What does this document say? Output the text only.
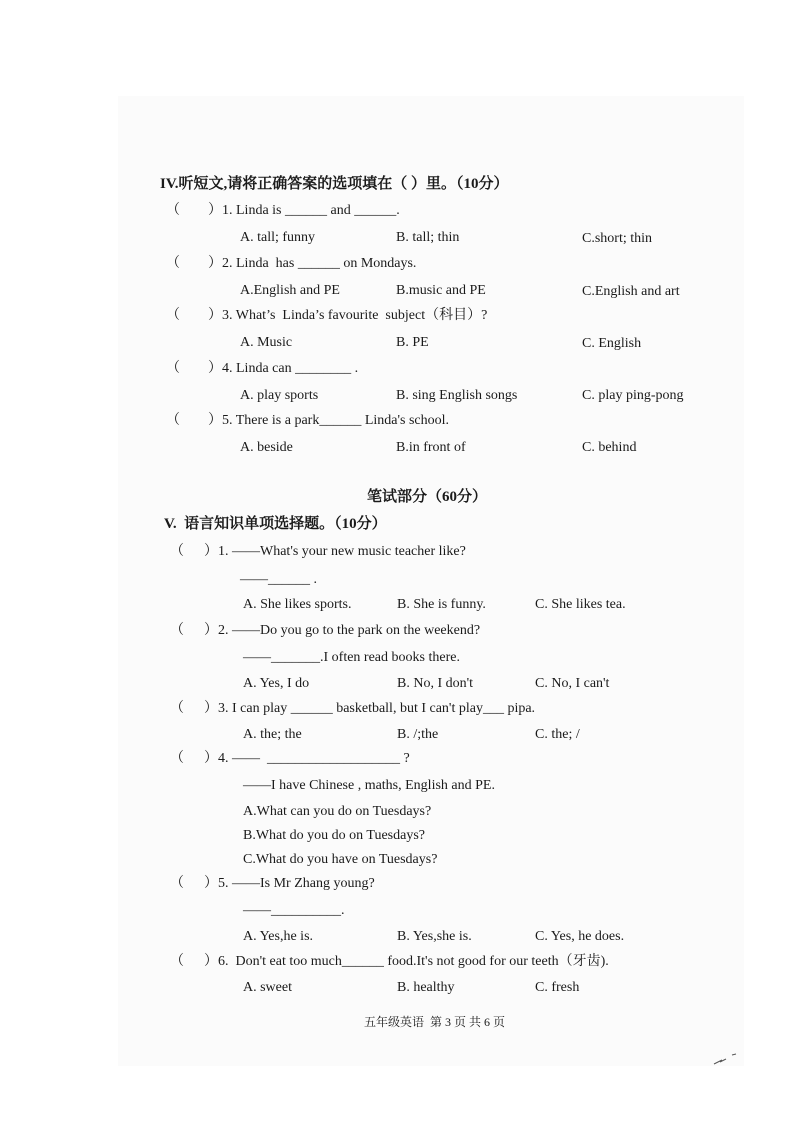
IV.听短文,请将正确答案的选项填在（ ）里。（10分）
（ ）1. Linda is ______ and ______.
A. tall; funny	B. tall; thin	C.short; thin
（ ）2. Linda  has ______ on Mondays.
A.English and PE	B.music and PE	C.English and art
（ ）3. What’s  Linda’s favourite  subject（科目）?
A. Music	B. PE	C. English
（ ）4. Linda can ________ .
A. play sports	B. sing English songs	C. play ping-pong
（ ）5. There is a park______ Linda's school.
A. beside	B.in front of	C. behind
笔试部分（60分）
V.  语言知识单项选择题。（10分）
（ ）1. ——What's your new music teacher like?
——______ .
A. She likes sports.	B. She is funny.	C. She likes tea.
（ ）2. ——Do you go to the park on the weekend?
——_______.I often read books there.
A. Yes, I do	B. No, I don't	C. No, I can't
（ ）3. I can play ______ basketball, but I can't play___ pipa.
A. the; the	B. /;the	C. the; /
（ ）4. ——  ___________________ ?
——I have Chinese , maths, English and PE.
A.What can you do on Tuesdays?
B.What do you do on Tuesdays?
C.What do you have on Tuesdays?
（ ）5. ——Is Mr Zhang young?
——__________.
A. Yes,he is.	B. Yes,she is.	C. Yes, he does.
（ ）6.  Don't eat too much______ food.It's not good for our teeth（牙齿).
A. sweet	B. healthy	C. fresh
五年级英语  第 3 页 共 6 页
